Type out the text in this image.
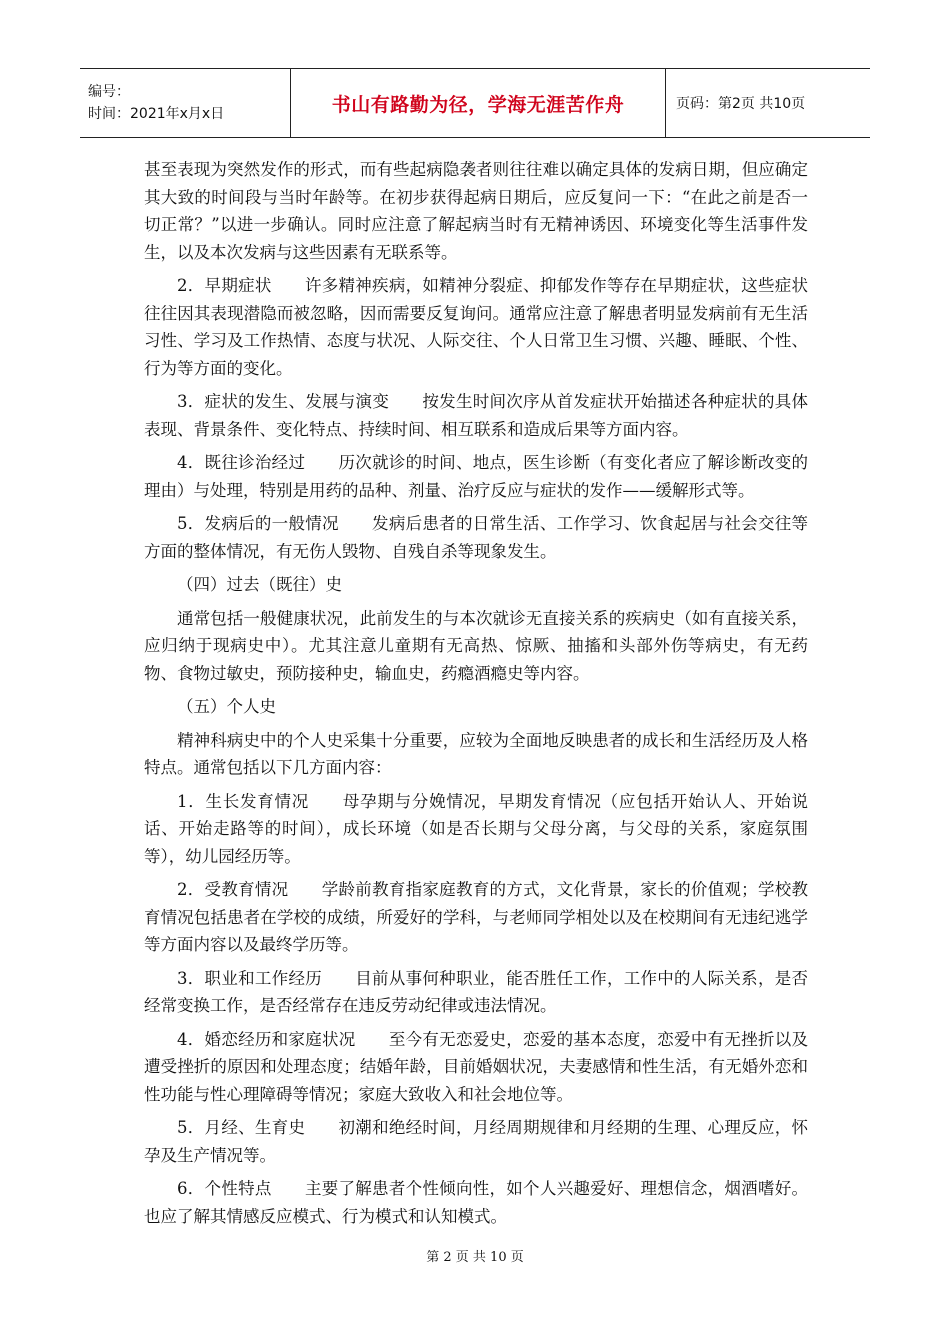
编号：
时间：2021年x月x日	书山有路勤为径，学海无涯苦作舟	页码：第2页 共10页

甚至表现为突然发作的形式，而有些起病隐袭者则往往难以确定具体的发病日期，但应确定其大致的时间段与当时年龄等。在初步获得起病日期后，应反复问一下：“在此之前是否一切正常？”以进一步确认。同时应注意了解起病当时有无精神诱因、环境变化等生活事件发生，以及本次发病与这些因素有无联系等。

2．早期症状 许多精神疾病，如精神分裂症、抑郁发作等存在早期症状，这些症状往往因其表现潜隐而被忽略，因而需要反复询问。通常应注意了解患者明显发病前有无生活习性、学习及工作热情、态度与状况、人际交往、个人日常卫生习惯、兴趣、睡眠、个性、行为等方面的变化。

3．症状的发生、发展与演变 按发生时间次序从首发症状开始描述各种症状的具体表现、背景条件、变化特点、持续时间、相互联系和造成后果等方面内容。

4．既往诊治经过 历次就诊的时间、地点，医生诊断（有变化者应了解诊断改变的理由）与处理，特别是用药的品种、剂量、治疗反应与症状的发作——缓解形式等。

5．发病后的一般情况 发病后患者的日常生活、工作学习、饮食起居与社会交往等方面的整体情况，有无伤人毁物、自残自杀等现象发生。

（四）过去（既往）史

通常包括一般健康状况，此前发生的与本次就诊无直接关系的疾病史（如有直接关系，应归纳于现病史中）。尤其注意儿童期有无高热、惊厥、抽搐和头部外伤等病史，有无药物、食物过敏史，预防接种史，输血史，药瘾酒瘾史等内容。

（五）个人史

精神科病史中的个人史采集十分重要，应较为全面地反映患者的成长和生活经历及人格特点。通常包括以下几方面内容：

1．生长发育情况 母孕期与分娩情况，早期发育情况（应包括开始认人、开始说话、开始走路等的时间），成长环境（如是否长期与父母分离，与父母的关系，家庭氛围等），幼儿园经历等。

2．受教育情况 学龄前教育指家庭教育的方式，文化背景，家长的价值观；学校教育情况包括患者在学校的成绩，所爱好的学科，与老师同学相处以及在校期间有无违纪逃学等方面内容以及最终学历等。

3．职业和工作经历 目前从事何种职业，能否胜任工作，工作中的人际关系，是否经常变换工作，是否经常存在违反劳动纪律或违法情况。

4．婚恋经历和家庭状况 至今有无恋爱史，恋爱的基本态度，恋爱中有无挫折以及遭受挫折的原因和处理态度；结婚年龄，目前婚姻状况，夫妻感情和性生活，有无婚外恋和性功能与性心理障碍等情况；家庭大致收入和社会地位等。

5．月经、生育史 初潮和绝经时间，月经周期规律和月经期的生理、心理反应，怀孕及生产情况等。

6．个性特点 主要了解患者个性倾向性，如个人兴趣爱好、理想信念，烟酒嗜好。也应了解其情感反应模式、行为模式和认知模式。

第 2 页 共 10 页
